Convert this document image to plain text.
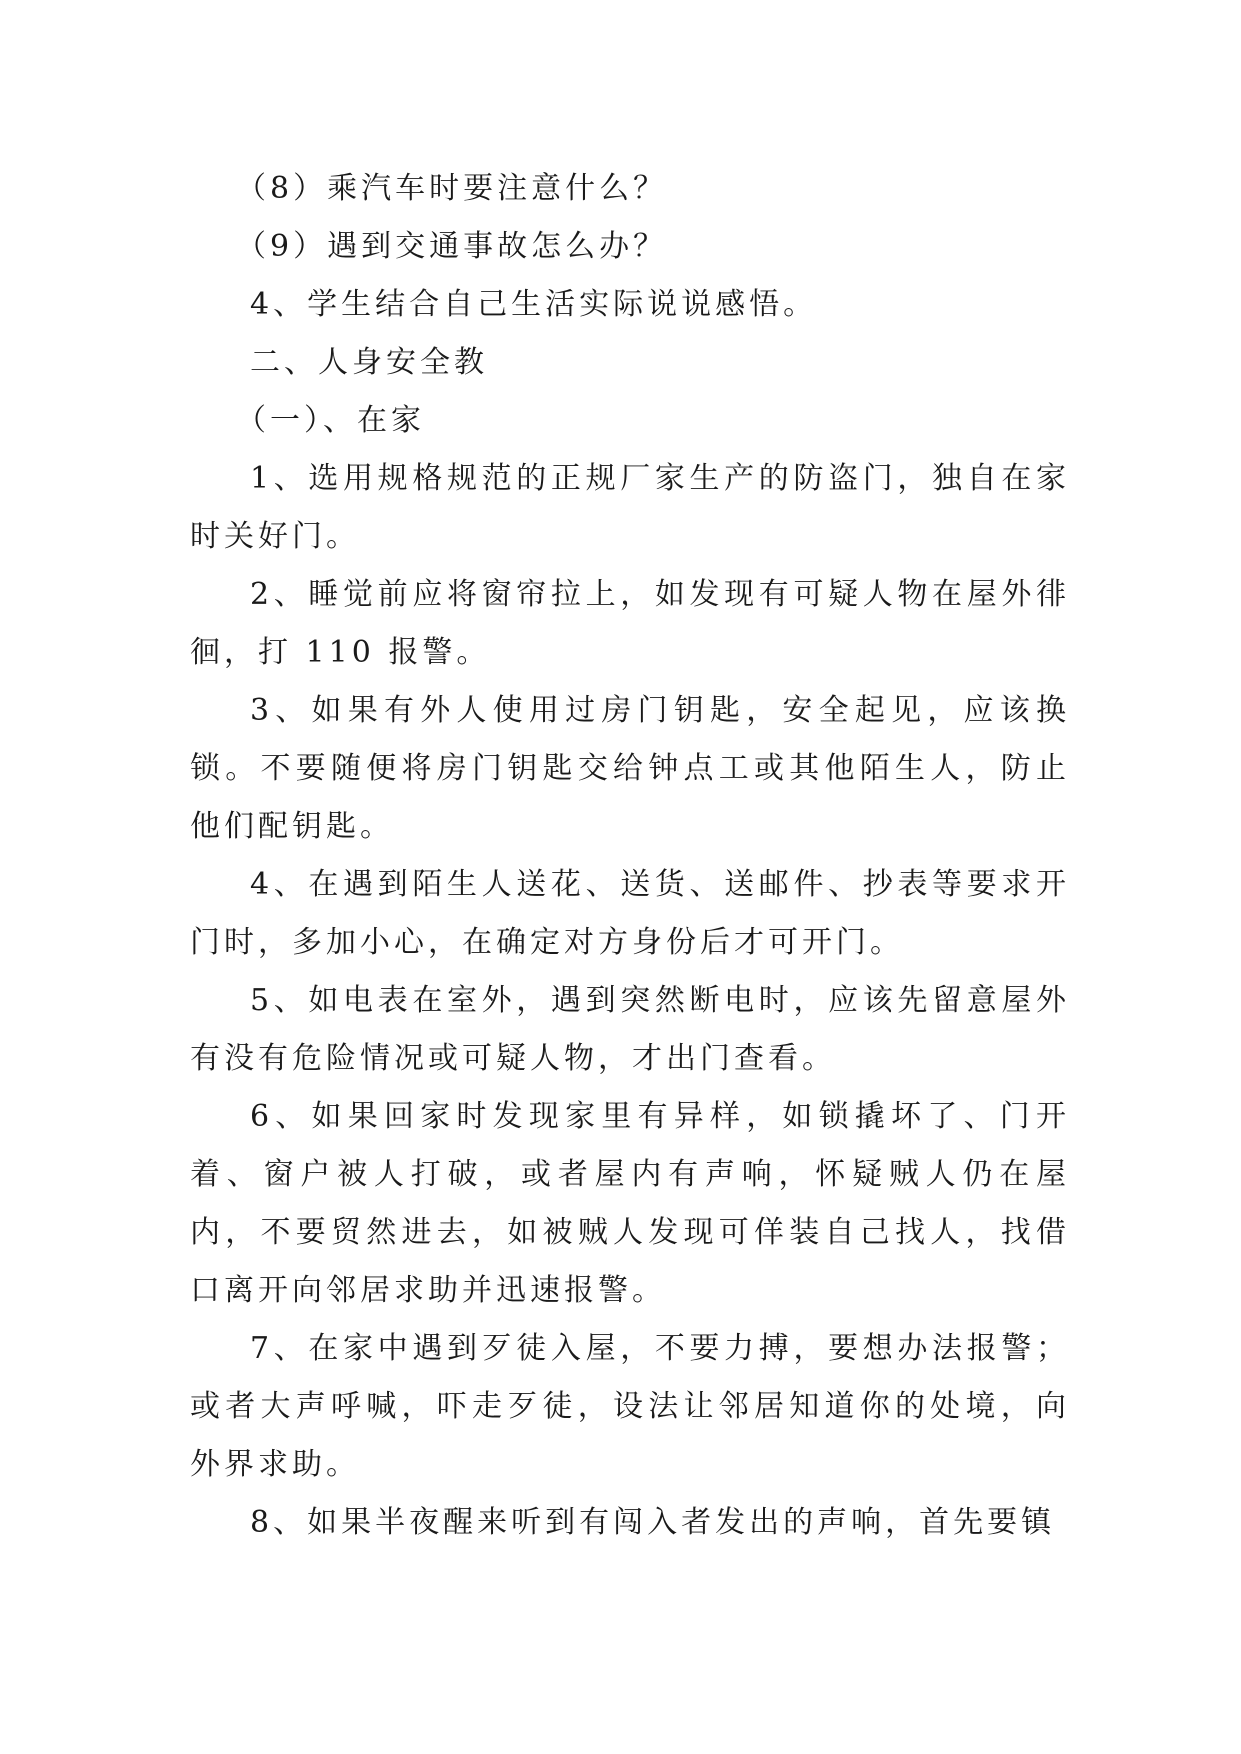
（8）乘汽车时要注意什么？

（9）遇到交通事故怎么办？

4、学生结合自己生活实际说说感悟。

二、人身安全教

（一）、在家

1、选用规格规范的正规厂家生产的防盗门，独自在家时关好门。

2、睡觉前应将窗帘拉上，如发现有可疑人物在屋外徘徊，打 110 报警。

3、如果有外人使用过房门钥匙，安全起见，应该换锁。不要随便将房门钥匙交给钟点工或其他陌生人，防止他们配钥匙。

4、在遇到陌生人送花、送货、送邮件、抄表等要求开门时，多加小心，在确定对方身份后才可开门。

5、如电表在室外，遇到突然断电时，应该先留意屋外有没有危险情况或可疑人物，才出门查看。

6、如果回家时发现家里有异样，如锁撬坏了、门开着、窗户被人打破，或者屋内有声响，怀疑贼人仍在屋内，不要贸然进去，如被贼人发现可佯装自己找人，找借口离开向邻居求助并迅速报警。

7、在家中遇到歹徒入屋，不要力搏，要想办法报警；或者大声呼喊，吓走歹徒，设法让邻居知道你的处境，向外界求助。

8、如果半夜醒来听到有闯入者发出的声响，首先要镇
